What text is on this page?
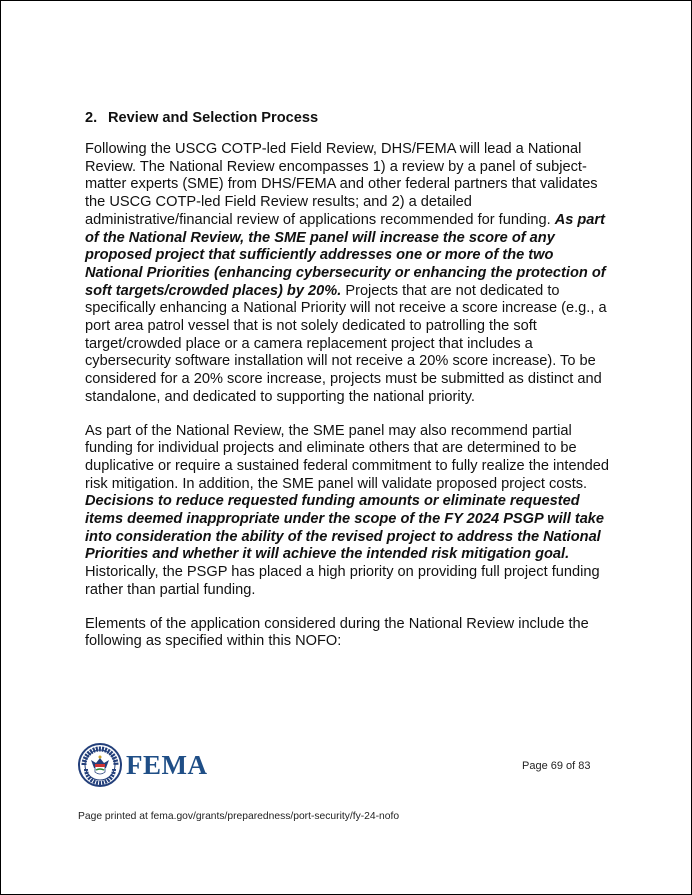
2. Review and Selection Process

Following the USCG COTP-led Field Review, DHS/FEMA will lead a National Review. The National Review encompasses 1) a review by a panel of subject-matter experts (SME) from DHS/FEMA and other federal partners that validates the USCG COTP-led Field Review results; and 2) a detailed administrative/financial review of applications recommended for funding. As part of the National Review, the SME panel will increase the score of any proposed project that sufficiently addresses one or more of the two National Priorities (enhancing cybersecurity or enhancing the protection of soft targets/crowded places) by 20%. Projects that are not dedicated to specifically enhancing a National Priority will not receive a score increase (e.g., a port area patrol vessel that is not solely dedicated to patrolling the soft target/crowded place or a camera replacement project that includes a cybersecurity software installation will not receive a 20% score increase). To be considered for a 20% score increase, projects must be submitted as distinct and standalone, and dedicated to supporting the national priority.

As part of the National Review, the SME panel may also recommend partial funding for individual projects and eliminate others that are determined to be duplicative or require a sustained federal commitment to fully realize the intended risk mitigation. In addition, the SME panel will validate proposed project costs. Decisions to reduce requested funding amounts or eliminate requested items deemed inappropriate under the scope of the FY 2024 PSGP will take into consideration the ability of the revised project to address the National Priorities and whether it will achieve the intended risk mitigation goal. Historically, the PSGP has placed a high priority on providing full project funding rather than partial funding.

Elements of the application considered during the National Review include the following as specified within this NOFO:

FEMA	Page 69 of 83
Page printed at fema.gov/grants/preparedness/port-security/fy-24-nofo
